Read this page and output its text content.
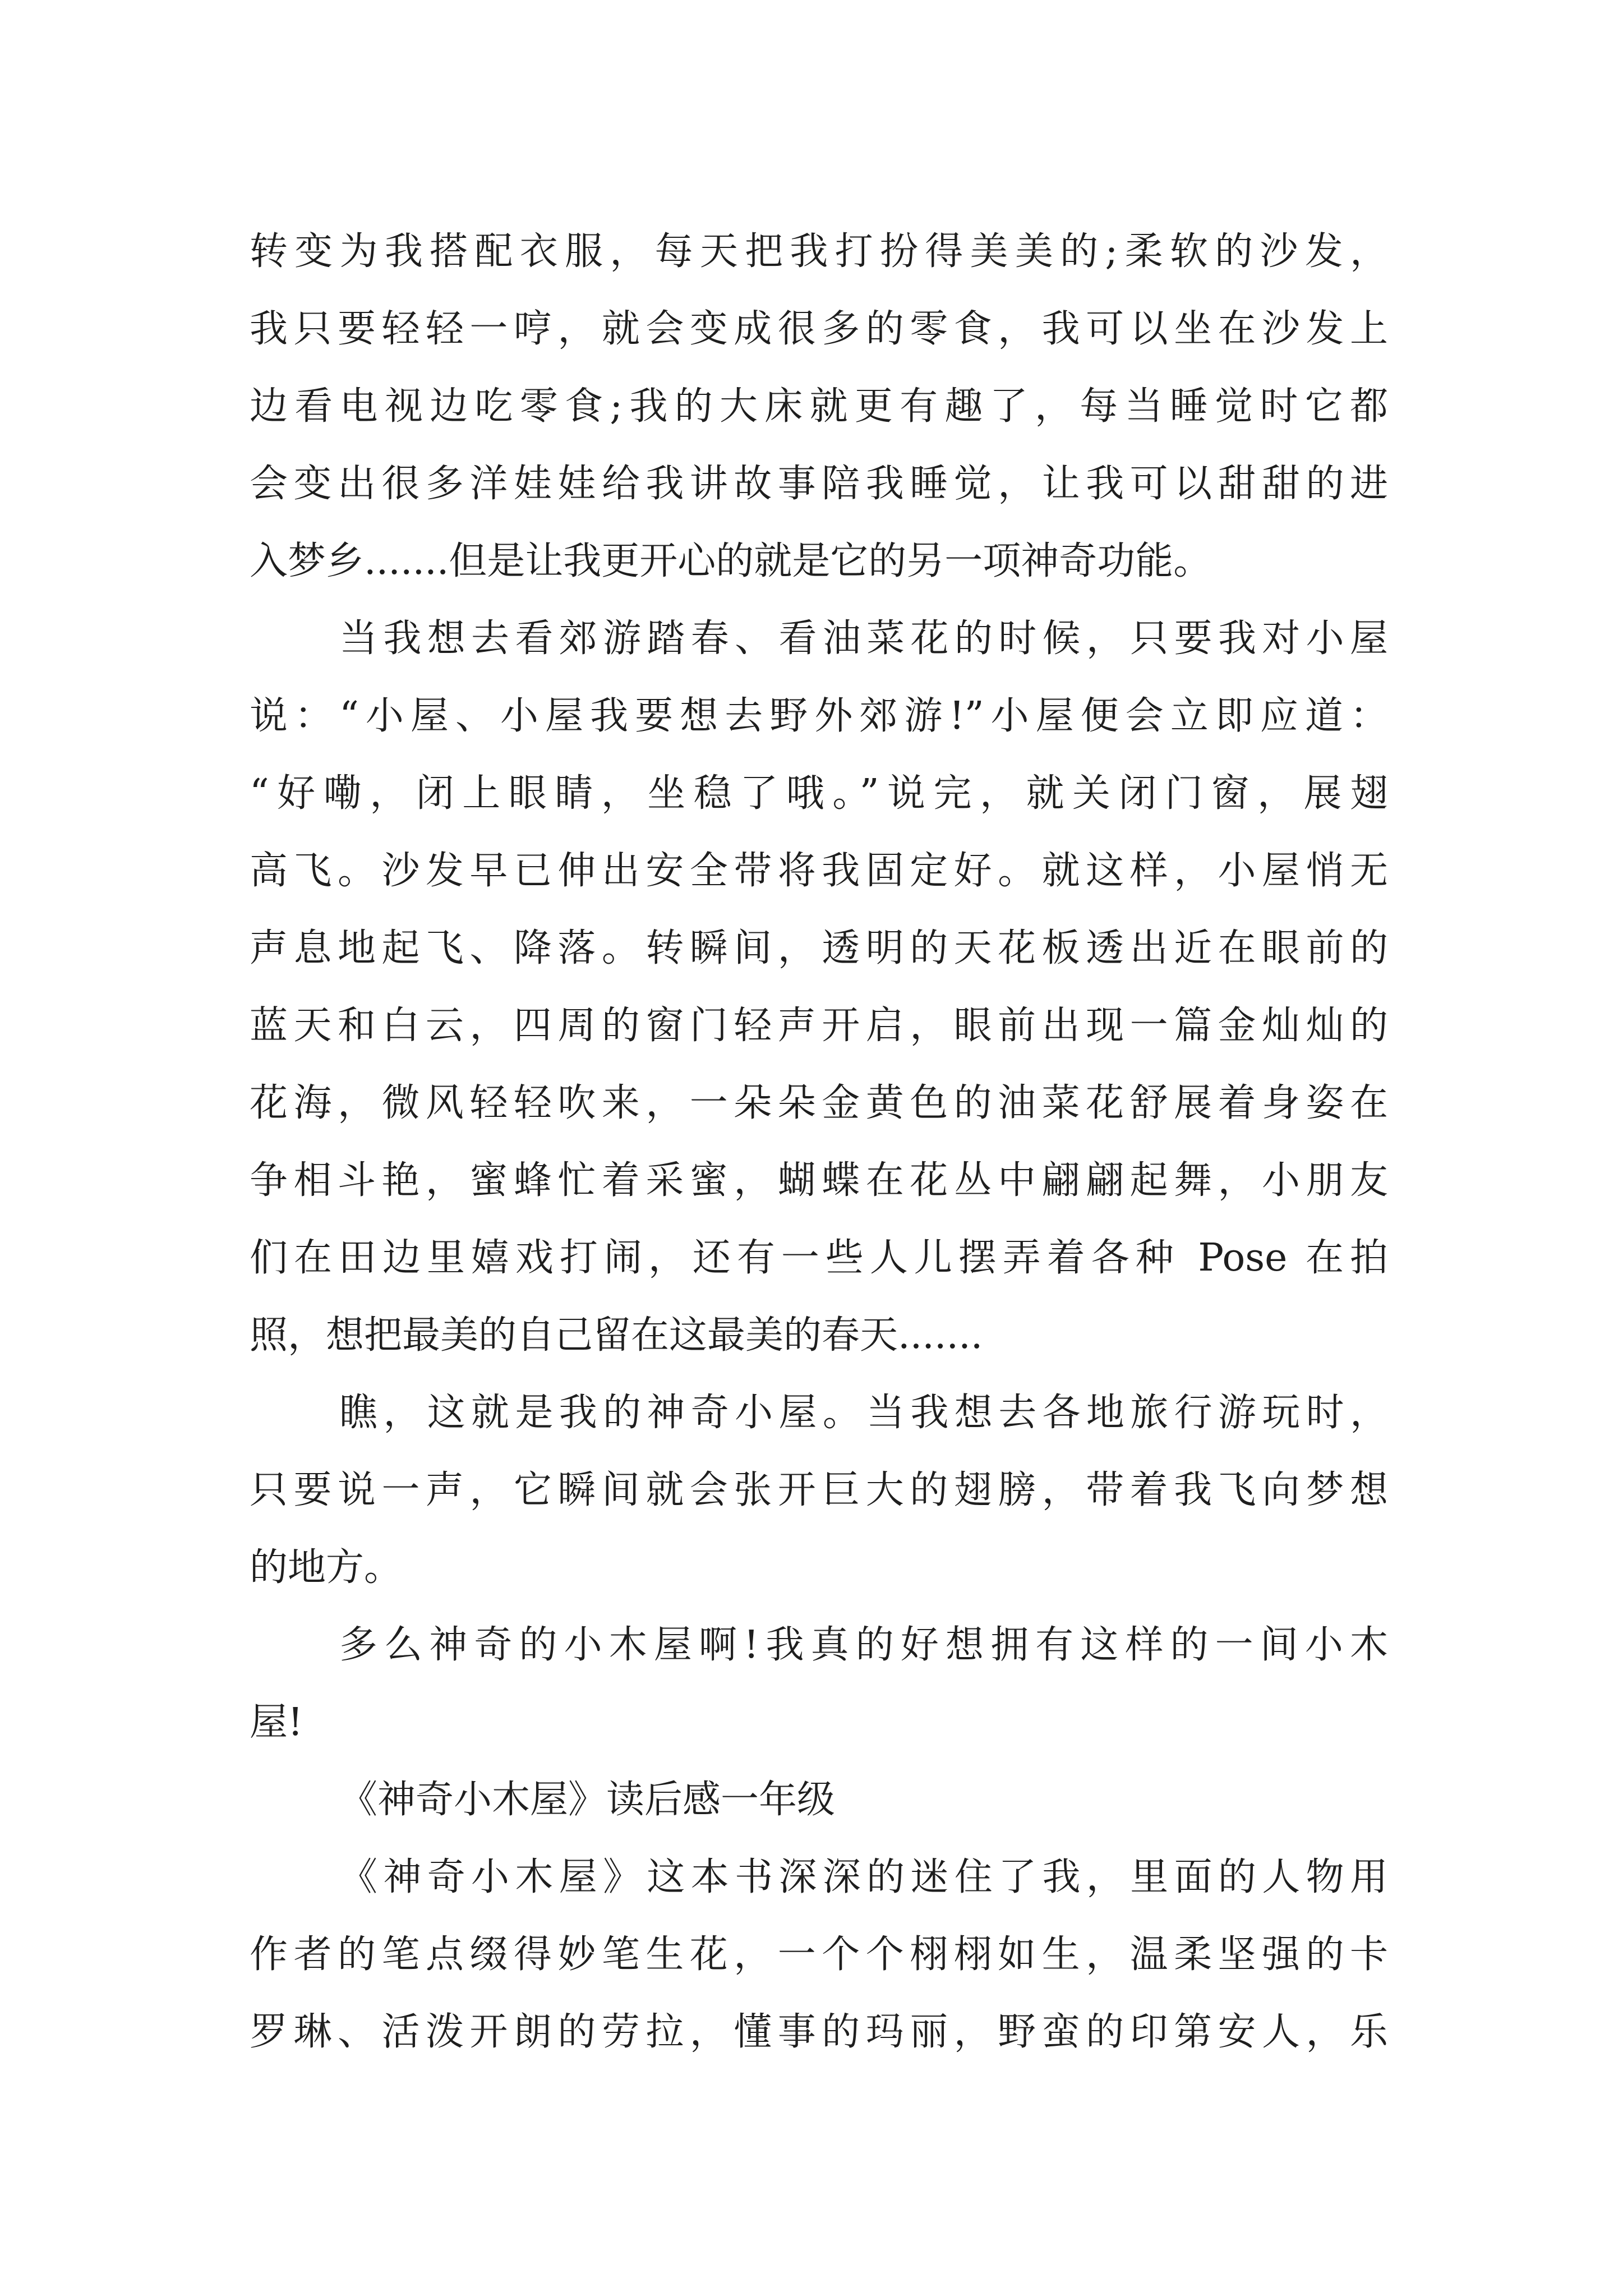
转变为我搭配衣服，每天把我打扮得美美的;柔软的沙发，
我只要轻轻一哼，就会变成很多的零食，我可以坐在沙发上
边看电视边吃零食;我的大床就更有趣了，每当睡觉时它都
会变出很多洋娃娃给我讲故事陪我睡觉，让我可以甜甜的进
入梦乡.......但是让我更开心的就是它的另一项神奇功能。
当我想去看郊游踏春、看油菜花的时候，只要我对小屋
说：“小屋、小屋我要想去野外郊游!”小屋便会立即应道：
“好嘞，闭上眼睛，坐稳了哦。”说完，就关闭门窗，展翅
高飞。沙发早已伸出安全带将我固定好。就这样，小屋悄无
声息地起飞、降落。转瞬间，透明的天花板透出近在眼前的
蓝天和白云，四周的窗门轻声开启，眼前出现一篇金灿灿的
花海，微风轻轻吹来，一朵朵金黄色的油菜花舒展着身姿在
争相斗艳，蜜蜂忙着采蜜，蝴蝶在花丛中翩翩起舞，小朋友
们在田边里嬉戏打闹，还有一些人儿摆弄着各种 Pose 在拍
照，想把最美的自己留在这最美的春天.......
瞧，这就是我的神奇小屋。当我想去各地旅行游玩时，
只要说一声，它瞬间就会张开巨大的翅膀，带着我飞向梦想
的地方。
多么神奇的小木屋啊!我真的好想拥有这样的一间小木
屋!
《神奇小木屋》读后感一年级
《神奇小木屋》这本书深深的迷住了我，里面的人物用
作者的笔点缀得妙笔生花，一个个栩栩如生，温柔坚强的卡
罗琳、活泼开朗的劳拉，懂事的玛丽，野蛮的印第安人，乐
